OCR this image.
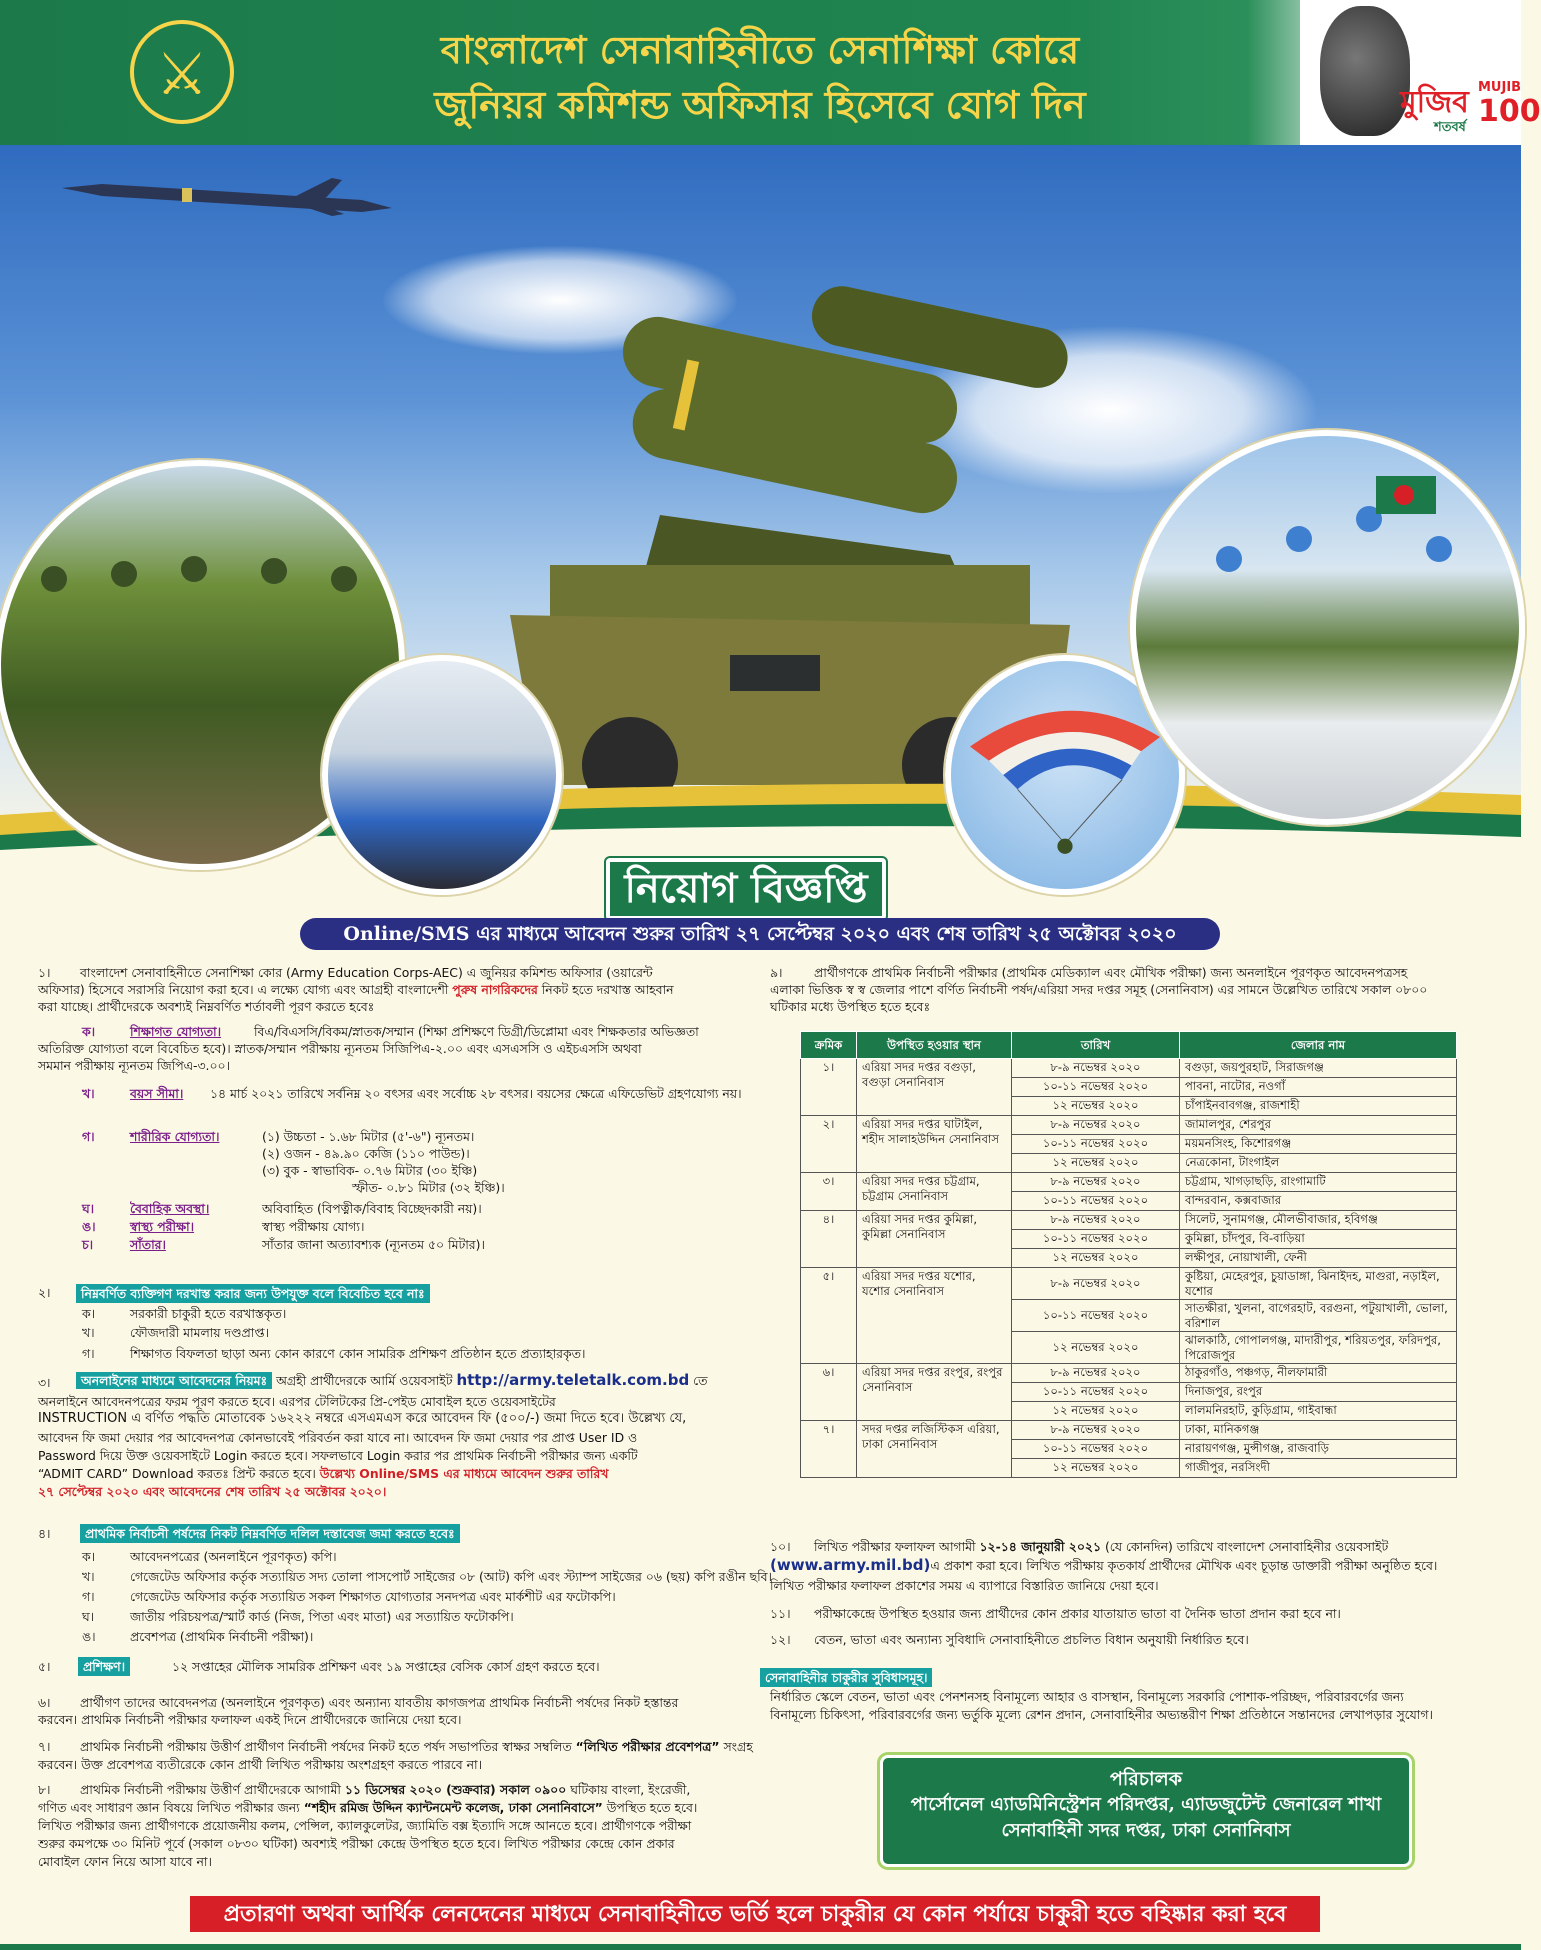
⚔	বাংলাদেশ সেনাবাহিনীতে সেনাশিক্ষা কোরে
জুনিয়র কমিশন্ড অফিসার হিসেবে যোগ দিন	মুজিব MUJIB
100
শতবর্ষ
নিয়োগ বিজ্ঞপ্তি
Online/SMS এর মাধ্যমে আবেদন শুরুর তারিখ ২৭ সেপ্টেম্বর ২০২০ এবং শেষ তারিখ ২৫ অক্টোবর ২০২০
১। বাংলাদেশ সেনাবাহিনীতে সেনাশিক্ষা কোর (Army Education Corps-AEC) এ জুনিয়র কমিশন্ড অফিসার (ওয়ারেন্ট
অফিসার) হিসেবে সরাসরি নিয়োগ করা হবে। এ লক্ষ্যে যোগ্য এবং আগ্রহী বাংলাদেশী পুরুষ নাগরিকদের নিকট হতে দরখাস্ত আহবান
করা যাচ্ছে। প্রার্থীদেরকে অবশ্যই নিম্নবর্ণিত শর্তাবলী পূরণ করতে হবেঃ
ক।	শিক্ষাগত যোগ্যতা।	বিএ/বিএসসি/বিকম/স্নাতক/সম্মান (শিক্ষা প্রশিক্ষণে ডিগ্রী/ডিপ্লোমা এবং শিক্ষকতার অভিজ্ঞতা
অতিরিক্ত যোগ্যতা বলে বিবেচিত হবে)। স্নাতক/সম্মান পরীক্ষায় ন্যূনতম সিজিপিএ-২.০০ এবং এসএসসি ও এইচএসসি অথবা
সমমান পরীক্ষায় ন্যূনতম জিপিএ-৩.০০।
খ।	বয়স সীমা। ১৪ মার্চ ২০২১ তারিখে সর্বনিম্ন ২০ বৎসর এবং সর্বোচ্চ ২৮ বৎসর। বয়সের ক্ষেত্রে এফিডেভিট গ্রহণযোগ্য নয়।
গ।	শারীরিক যোগ্যতা।	(১) উচ্চতা - ১.৬৮ মিটার (৫'-৬") ন্যূনতম।
(২) ওজন - ৪৯.৯০ কেজি (১১০ পাউন্ড)।
(৩) বুক - স্বাভাবিক- ০.৭৬ মিটার (৩০ ইঞ্চি)
স্ফীত- ০.৮১ মিটার (৩২ ইঞ্চি)।
ঘ।	বৈবাহিক অবস্থা।	অবিবাহিত (বিপত্নীক/বিবাহ বিচ্ছেদকারী নয়)।
ঙ।	স্বাস্থ্য পরীক্ষা।	স্বাস্থ্য পরীক্ষায় যোগ্য।
চ।	সাঁতার।	সাঁতার জানা অত্যাবশ্যক (ন্যূনতম ৫০ মিটার)।
২।	নিম্নবর্ণিত ব্যক্তিগণ দরখাস্ত করার জন্য উপযুক্ত বলে বিবেচিত হবে নাঃ
ক।	সরকারী চাকুরী হতে বরখাস্তকৃত।
খ।	ফৌজদারী মামলায় দণ্ডপ্রাপ্ত।
গ।	শিক্ষাগত বিফলতা ছাড়া অন্য কোন কারণে কোন সামরিক প্রশিক্ষণ প্রতিষ্ঠান হতে প্রত্যাহারকৃত।
৩।	অনলাইনের মাধ্যমে আবেদনের নিয়মঃ অগ্রহী প্রার্থীদেরকে আর্মি ওয়েবসাইট http://army.teletalk.com.bd তে
অনলাইনে আবেদনপত্রের ফরম পূরণ করতে হবে। এরপর টেলিটকের প্রি-পেইড মোবাইল হতে ওয়েবসাইটের
INSTRUCTION এ বর্ণিত পদ্ধতি মোতাবেক ১৬২২২ নম্বরে এসএমএস করে আবেদন ফি (৫০০/-) জমা দিতে হবে। উল্লেখ্য যে,
আবেদন ফি জমা দেয়ার পর আবেদনপত্র কোনভাবেই পরিবর্তন করা যাবে না। আবেদন ফি জমা দেয়ার পর প্রাপ্ত User ID ও
Password দিয়ে উক্ত ওয়েবসাইটে Login করতে হবে। সফলভাবে Login করার পর প্রাথমিক নির্বাচনী পরীক্ষার জন্য একটি
“ADMIT CARD” Download করতঃ প্রিন্ট করতে হবে। উল্লেখ্য Online/SMS এর মাধ্যমে আবেদন শুরুর তারিখ
২৭ সেপ্টেম্বর ২০২০ এবং আবেদনের শেষ তারিখ ২৫ অক্টোবর ২০২০।
৪।	প্রাথমিক নির্বাচনী পর্ষদের নিকট নিম্নবর্ণিত দলিল দস্তাবেজ জমা করতে হবেঃ
ক।	আবেদনপত্রের (অনলাইনে পূরণকৃত) কপি।
খ।	গেজেটেড অফিসার কর্তৃক সত্যায়িত সদ্য তোলা পাসপোর্ট সাইজের ০৮ (আট) কপি এবং স্ট্যাম্প সাইজের ০৬ (ছয়) কপি রঙীন ছবি।
গ।	গেজেটেড অফিসার কর্তৃক সত্যায়িত সকল শিক্ষাগত যোগ্যতার সনদপত্র এবং মার্কশীট এর ফটোকপি।
ঘ।	জাতীয় পরিচয়পত্র/স্মার্ট কার্ড (নিজ, পিতা এবং মাতা) এর সত্যায়িত ফটোকপি।
ঙ।	প্রবেশপত্র (প্রাথমিক নির্বাচনী পরীক্ষা)।
৫।	প্রশিক্ষণ।	১২ সপ্তাহের মৌলিক সামরিক প্রশিক্ষণ এবং ১৯ সপ্তাহের বেসিক কোর্স গ্রহণ করতে হবে।
৬। প্রার্থীগণ তাদের আবেদনপত্র (অনলাইনে পূরণকৃত) এবং অন্যান্য যাবতীয় কাগজপত্র প্রাথমিক নির্বাচনী পর্ষদের নিকট হস্তান্তর
করবেন। প্রাথমিক নির্বাচনী পরীক্ষার ফলাফল একই দিনে প্রার্থীদেরকে জানিয়ে দেয়া হবে।
৭। প্রাথমিক নির্বাচনী পরীক্ষায় উত্তীর্ণ প্রার্থীগণ নির্বাচনী পর্ষদের নিকট হতে পর্ষদ সভাপতির স্বাক্ষর সম্বলিত “লিখিত পরীক্ষার প্রবেশপত্র” সংগ্রহ
করবেন। উক্ত প্রবেশপত্র ব্যতীরেকে কোন প্রার্থী লিখিত পরীক্ষায় অংশগ্রহণ করতে পারবে না।
৮। প্রাথমিক নির্বাচনী পরীক্ষায় উত্তীর্ণ প্রার্থীদেরকে আগামী ১১ ডিসেম্বর ২০২০ (শুক্রবার) সকাল ০৯০০ ঘটিকায় বাংলা, ইংরেজী,
গণিত এবং সাধারণ জ্ঞান বিষয়ে লিখিত পরীক্ষার জন্য “শহীদ রমিজ উদ্দিন ক্যান্টনমেন্ট কলেজ, ঢাকা সেনানিবাসে” উপস্থিত হতে হবে।
লিখিত পরীক্ষার জন্য প্রার্থীগণকে প্রয়োজনীয় কলম, পেন্সিল, ক্যালকুলেটর, জ্যামিতি বক্স ইত্যাদি সঙ্গে আনতে হবে। প্রার্থীগণকে পরীক্ষা
শুরুর কমপক্ষে ৩০ মিনিট পূর্বে (সকাল ০৮৩০ ঘটিকা) অবশ্যই পরীক্ষা কেন্দ্রে উপস্থিত হতে হবে। লিখিত পরীক্ষার কেন্দ্রে কোন প্রকার
মোবাইল ফোন নিয়ে আসা যাবে না।
৯।	প্রার্থীগণকে প্রাথমিক নির্বাচনী পরীক্ষার (প্রাথমিক মেডিক্যাল এবং মৌখিক পরীক্ষা) জন্য অনলাইনে পূরণকৃত আবেদনপত্রসহ
এলাকা ভিত্তিক স্ব স্ব জেলার পাশে বর্ণিত নির্বাচনী পর্ষদ/এরিয়া সদর দপ্তর সমূহ (সেনানিবাস) এর সামনে উল্লেখিত তারিখে সকাল ০৮০০
ঘটিকার মধ্যে উপস্থিত হতে হবেঃ
ক্রমিক	উপস্থিত হওয়ার স্থান	তারিখ	জেলার নাম
১।	এরিয়া সদর দপ্তর বগুড়া, বগুড়া সেনানিবাস	৮-৯ নভেম্বর ২০২০	বগুড়া, জয়পুরহাট, সিরাজগঞ্জ
		১০-১১ নভেম্বর ২০২০	পাবনা, নাটোর, নওগাঁ
		১২ নভেম্বর ২০২০	চাঁপাইনবাবগঞ্জ, রাজশাহী
২।	এরিয়া সদর দপ্তর ঘাটাইল, শহীদ সালাহউদ্দিন সেনানিবাস	৮-৯ নভেম্বর ২০২০	জামালপুর, শেরপুর
		১০-১১ নভেম্বর ২০২০	ময়মনসিংহ, কিশোরগঞ্জ
		১২ নভেম্বর ২০২০	নেত্রকোনা, টাংগাইল
৩।	এরিয়া সদর দপ্তর চট্টগ্রাম, চট্টগ্রাম সেনানিবাস	৮-৯ নভেম্বর ২০২০	চট্টগ্রাম, খাগড়াছড়ি, রাংগামাটি
		১০-১১ নভেম্বর ২০২০	বান্দরবান, কক্সবাজার
৪।	এরিয়া সদর দপ্তর কুমিল্লা, কুমিল্লা সেনানিবাস	৮-৯ নভেম্বর ২০২০	সিলেট, সুনামগঞ্জ, মৌলভীবাজার, হবিগঞ্জ
		১০-১১ নভেম্বর ২০২০	কুমিল্লা, চাঁদপুর, বি-বাড়িয়া
		১২ নভেম্বর ২০২০	লক্ষীপুর, নোয়াখালী, ফেনী
৫।	এরিয়া সদর দপ্তর যশোর, যশোর সেনানিবাস	৮-৯ নভেম্বর ২০২০	কুষ্টিয়া, মেহেরপুর, চুয়াডাঙ্গা, ঝিনাইদহ, মাগুরা, নড়াইল, যশোর
		১০-১১ নভেম্বর ২০২০	সাতক্ষীরা, খুলনা, বাগেরহাট, বরগুনা, পটুয়াখালী, ভোলা, বরিশাল
		১২ নভেম্বর ২০২০	ঝালকাঠি, গোপালগঞ্জ, মাদারীপুর, শরিয়তপুর, ফরিদপুর, পিরোজপুর
৬।	এরিয়া সদর দপ্তর রংপুর, রংপুর সেনানিবাস	৮-৯ নভেম্বর ২০২০	ঠাকুরগাঁও, পঞ্চগড়, নীলফামারী
		১০-১১ নভেম্বর ২০২০	দিনাজপুর, রংপুর
		১২ নভেম্বর ২০২০	লালমনিরহাট, কুড়িগ্রাম, গাইবান্ধা
৭।	সদর দপ্তর লজিস্টিকস এরিয়া, ঢাকা সেনানিবাস	৮-৯ নভেম্বর ২০২০	ঢাকা, মানিকগঞ্জ
		১০-১১ নভেম্বর ২০২০	নারায়ণগঞ্জ, মুন্সীগঞ্জ, রাজবাড়ি
		১২ নভেম্বর ২০২০	গাজীপুর, নরসিংদী
১০। লিখিত পরীক্ষার ফলাফল আগামী ১২-১৪ জানুয়ারী ২০২১ (যে কোনদিন) তারিখে বাংলাদেশ সেনাবাহিনীর ওয়েবসাইট
(www.army.mil.bd)এ প্রকাশ করা হবে। লিখিত পরীক্ষায় কৃতকার্য প্রার্থীদের মৌখিক এবং চূড়ান্ত ডাক্তারী পরীক্ষা অনুষ্ঠিত হবে।
লিখিত পরীক্ষার ফলাফল প্রকাশের সময় এ ব্যাপারে বিস্তারিত জানিয়ে দেয়া হবে।
১১। পরীক্ষাকেন্দ্রে উপস্থিত হওয়ার জন্য প্রার্থীদের কোন প্রকার যাতায়াত ভাতা বা দৈনিক ভাতা প্রদান করা হবে না।
১২। বেতন, ভাতা এবং অন্যান্য সুবিধাদি সেনাবাহিনীতে প্রচলিত বিধান অনুযায়ী নির্ধারিত হবে।
সেনাবাহিনীর চাকুরীর সুবিধাসমূহ।
নির্ধারিত স্কেলে বেতন, ভাতা এবং পেনশনসহ বিনামূল্যে আহার ও বাসস্থান, বিনামূল্যে সরকারি পোশাক-পরিচ্ছদ, পরিবারবর্গের জন্য
বিনামূল্যে চিকিৎসা, পরিবারবর্গের জন্য ভর্তুকি মূল্যে রেশন প্রদান, সেনাবাহিনীর অভ্যন্তরীণ শিক্ষা প্রতিষ্ঠানে সন্তানদের লেখাপড়ার সুযোগ।
পরিচালক
পার্সোনেল এ্যাডমিনিস্ট্রেশন পরিদপ্তর, এ্যাডজুটেন্ট জেনারেল শাখা
সেনাবাহিনী সদর দপ্তর, ঢাকা সেনানিবাস
প্রতারণা অথবা আর্থিক লেনদেনের মাধ্যমে সেনাবাহিনীতে ভর্তি হলে চাকুরীর যে কোন পর্যায়ে চাকুরী হতে বহিষ্কার করা হবে
